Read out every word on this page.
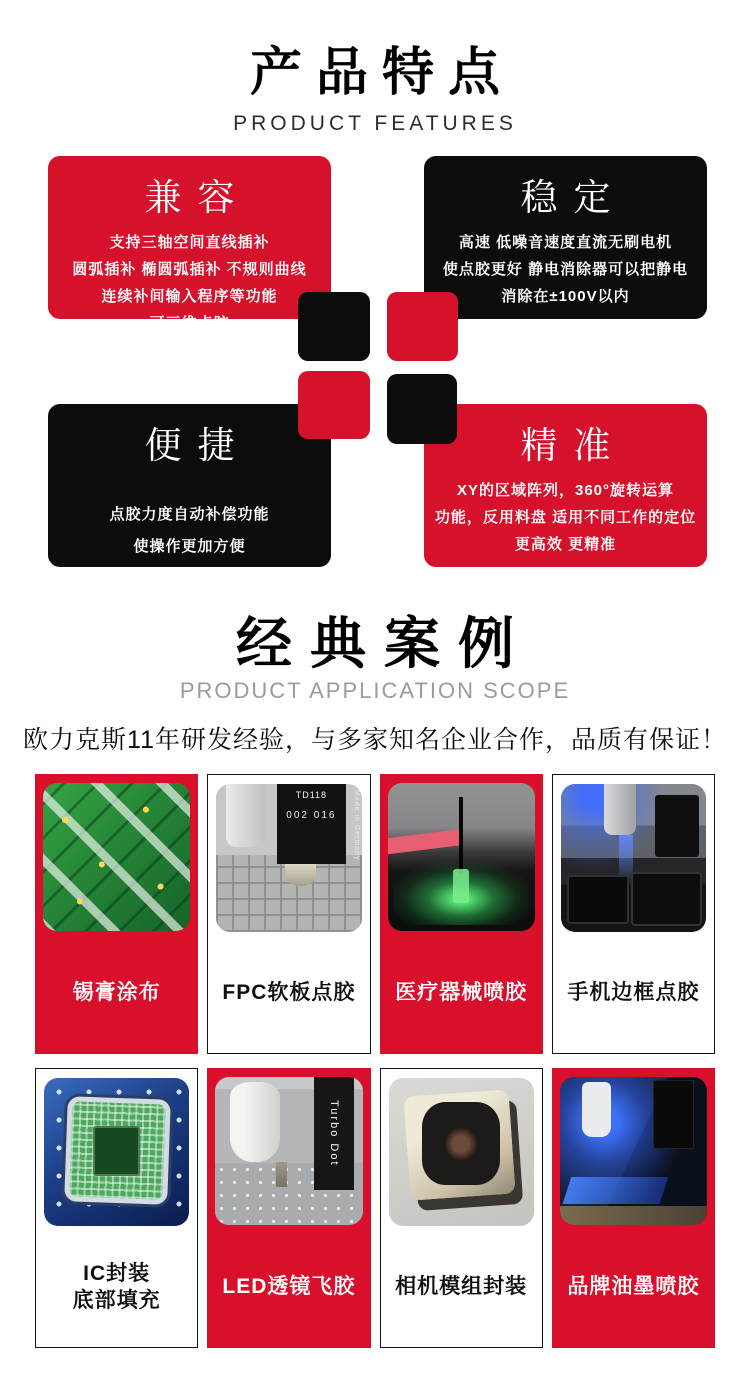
产品特点
PRODUCT FEATURES
兼容
支持三轴空间直线插补
圆弧插补 椭圆弧插补 不规则曲线
连续补间输入程序等功能
可三维点胶
稳定
高速 低噪音速度直流无刷电机
使点胶更好 静电消除器可以把静电
消除在±100V以内
便捷
点胶力度自动补偿功能
使操作更加方便
精准
XY的区域阵列，360°旋转运算
功能，反用料盘 适用不同工作的定位
更高效 更精准
经典案例
PRODUCT APPLICATION SCOPE
欧力克斯11年研发经验，与多家知名企业合作，品质有保证！
锡膏涂布
TD118
002 016 Made in Germany
FPC软板点胶 医疗器械喷胶 手机边框点胶
IC封装
底部填充
Turbo Dot
LED透镜飞胶 相机模组封装 品牌油墨喷胶
